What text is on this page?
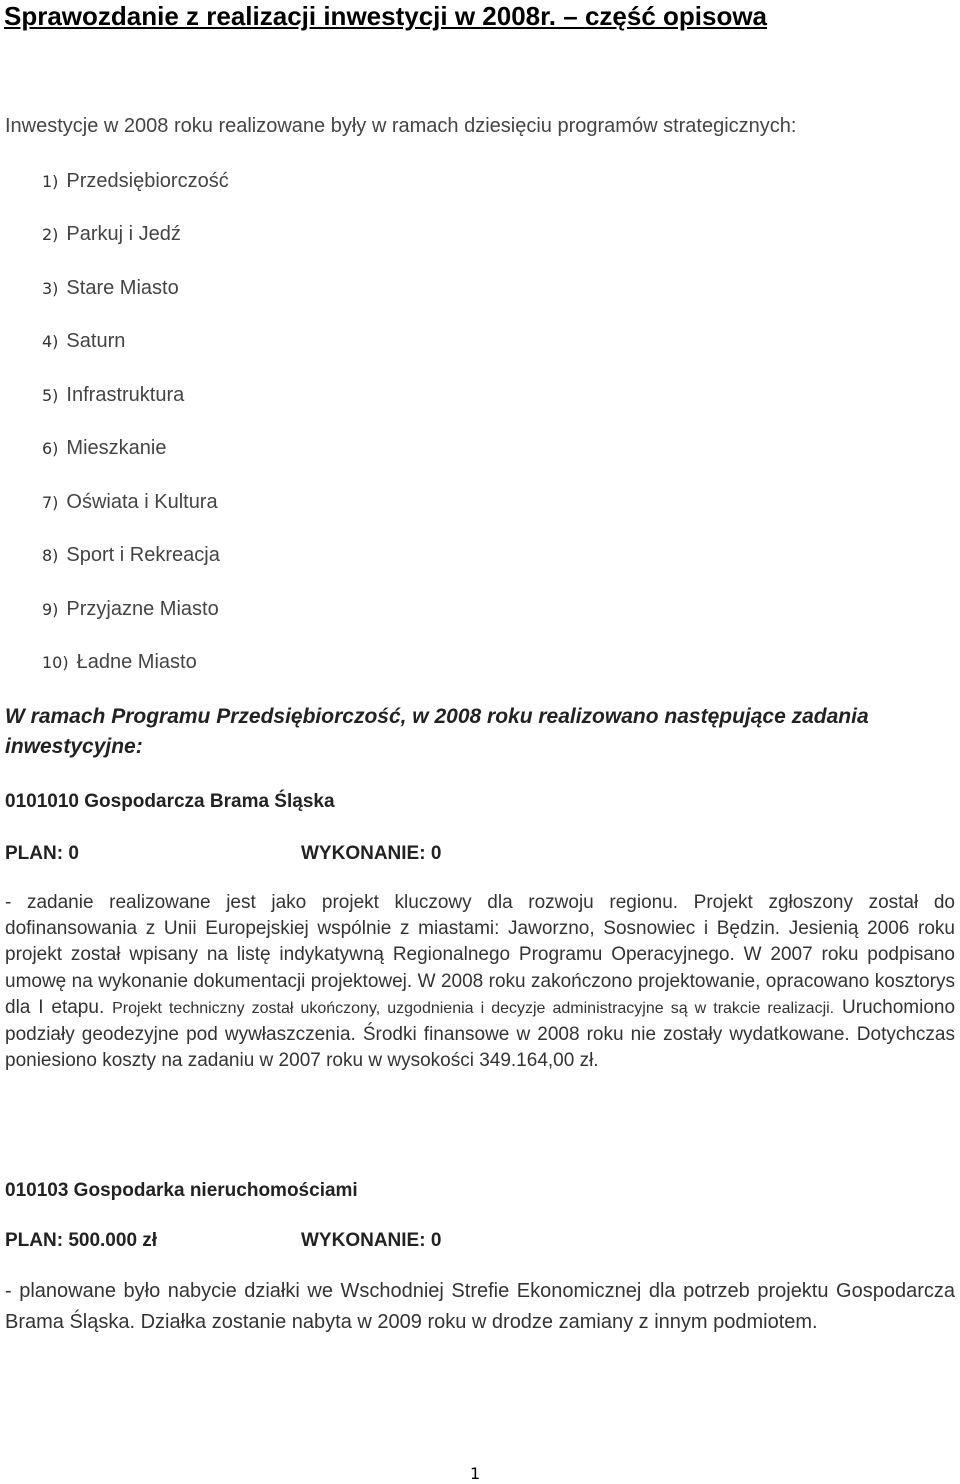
Sprawozdanie z realizacji inwestycji w 2008r. – część opisowa
Inwestycje w 2008 roku realizowane były w ramach dziesięciu programów strategicznych:
1) Przedsiębiorczość
2) Parkuj i Jedź
3) Stare Miasto
4) Saturn
5) Infrastruktura
6) Mieszkanie
7) Oświata i Kultura
8) Sport i Rekreacja
9) Przyjazne Miasto
10) Ładne Miasto
W ramach Programu Przedsiębiorczość, w 2008 roku realizowano następujące zadania inwestycyjne:
0101010 Gospodarcza Brama Śląska
PLAN: 0	WYKONANIE: 0
- zadanie realizowane jest jako projekt kluczowy dla rozwoju regionu. Projekt zgłoszony został do dofinansowania z Unii Europejskiej wspólnie z miastami: Jaworzno, Sosnowiec i Będzin. Jesienią 2006 roku projekt został wpisany na listę indykatywną Regionalnego Programu Operacyjnego. W 2007 roku podpisano umowę na wykonanie dokumentacji projektowej. W 2008 roku zakończono projektowanie, opracowano kosztorys dla I etapu. Projekt techniczny został ukończony, uzgodnienia i decyzje administracyjne są w trakcie realizacji. Uruchomiono podziały geodezyjne pod wywłaszczenia. Środki finansowe w 2008 roku nie zostały wydatkowane. Dotychczas poniesiono koszty na zadaniu w 2007 roku w wysokości 349.164,00 zł.
010103 Gospodarka nieruchomościami
PLAN: 500.000 zł	WYKONANIE: 0
- planowane było nabycie działki we Wschodniej Strefie Ekonomicznej dla potrzeb projektu Gospodarcza Brama Śląska. Działka zostanie nabyta w 2009 roku w drodze zamiany z innym podmiotem.
1
